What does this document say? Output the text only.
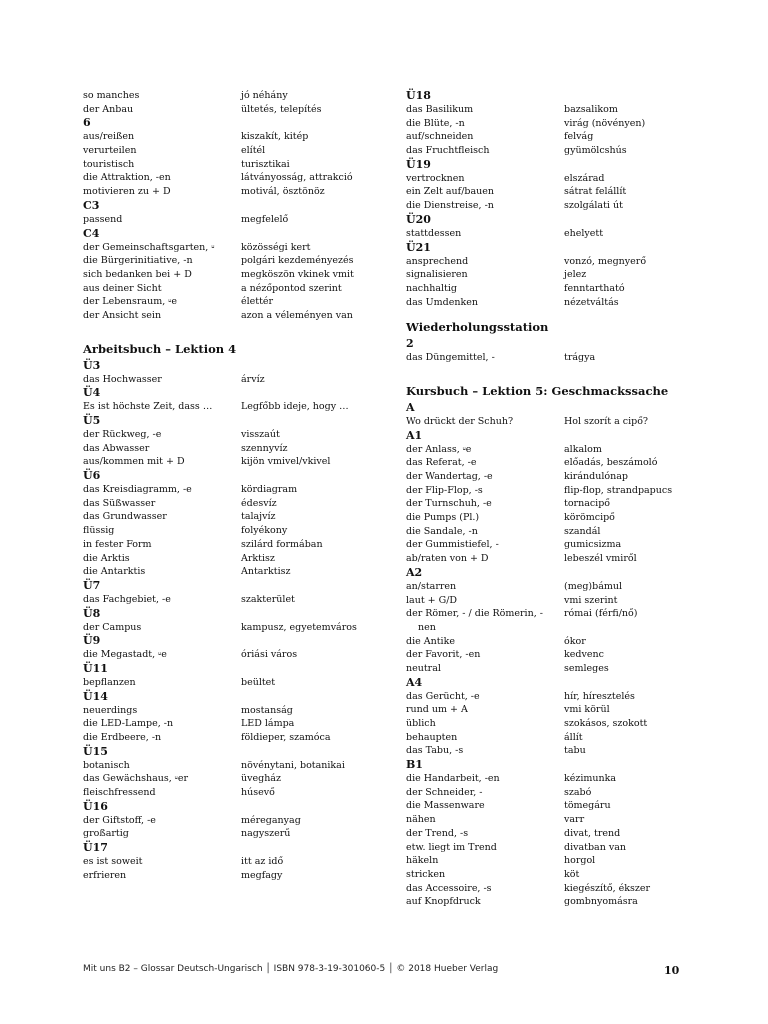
so manches	jó néhány
der Anbau	ültetés, telepítés
6
aus/reißen	kiszakít, kitép
verurteilen	elítél
touristisch	turisztikai
die Attraktion, -en	látványosság, attrakció
motivieren zu + D	motivál, ösztönöz
C3
passend	megfelelő
C4
der Gemeinschaftsgarten, ⸚	közösségi kert
die Bürgerinitiative, -n	polgári kezdeményezés
sich bedanken bei + D	megköszön vkinek vmit
aus deiner Sicht	a nézőpontod szerint
der Lebensraum, ⸚e	élettér
der Ansicht sein	azon a véleményen van
Arbeitsbuch – Lektion 4
Ü3
das Hochwasser	árvíz
Ü4
Es ist höchste Zeit, dass …	Legfőbb ideje, hogy …
Ü5
der Rückweg, -e	visszaút
das Abwasser	szennyvíz
aus/kommen mit + D	kijön vmivel/vkivel
Ü6
das Kreisdiagramm, -e	kördiagram
das Süßwasser	édesvíz
das Grundwasser	talajvíz
flüssig	folyékony
in fester Form	szilárd formában
die Arktis	Arktisz
die Antarktis	Antarktisz
Ü7
das Fachgebiet, -e	szakterület
Ü8
der Campus	kampusz, egyetemváros
Ü9
die Megastadt, ⸚e	óriási város
Ü11
bepflanzen	beültet
Ü14
neuerdings	mostanság
die LED-Lampe, -n	LED lámpa
die Erdbeere, -n	földieper, szamóca
Ü15
botanisch	növénytani, botanikai
das Gewächshaus, ⸚er	üvegház
fleischfressend	húsevő
Ü16
der Giftstoff, -e	méreganyag
großartig	nagyszerű
Ü17
es ist soweit	itt az idő
erfrieren	megfagy
Ü18
das Basilikum	bazsalikom
die Blüte, -n	virág (növényen)
auf/schneiden	felvág
das Fruchtfleisch	gyümölcshús
Ü19
vertrocknen	elszárad
ein Zelt auf/bauen	sátrat felállít
die Dienstreise, -n	szolgálati út
Ü20
stattdessen	ehelyett
Ü21
ansprechend	vonzó, megnyerő
signalisieren	jelez
nachhaltig	fenntartható
das Umdenken	nézetváltás
Wiederholungsstation
2
das Düngemittel, -	trágya
Kursbuch – Lektion 5: Geschmackssache
A
Wo drückt der Schuh?	Hol szorít a cipő?
A1
der Anlass, ⸚e	alkalom
das Referat, -e	előadás, beszámoló
der Wandertag, -e	kirándulónap
der Flip-Flop, -s	flip-flop, strandpapucs
der Turnschuh, -e	tornacipő
die Pumps (Pl.)	körömcipő
die Sandale, -n	szandál
der Gummistiefel, -	gumicsizma
ab/raten von + D	lebeszél vmiről
A2
an/starren	(meg)bámul
laut + G/D	vmi szerint
der Römer, - / die Römerin, -	római (férfi/nő)
nen
die Antike	ókor
der Favorit, -en	kedvenc
neutral	semleges
A4
das Gerücht, -e	hír, híresztelés
rund um + A	vmi körül
üblich	szokásos, szokott
behaupten	állít
das Tabu, -s	tabu
B1
die Handarbeit, -en	kézimunka
der Schneider, -	szabó
die Massenware	tömegáru
nähen	varr
der Trend, -s	divat, trend
etw. liegt im Trend	divatban van
häkeln	horgol
stricken	köt
das Accessoire, -s	kiegészítő, ékszer
auf Knopfdruck	gombnyomásra
Mit uns B2 – Glossar Deutsch-Ungarisch │ ISBN 978-3-19-301060-5 │ © 2018 Hueber Verlag	10
